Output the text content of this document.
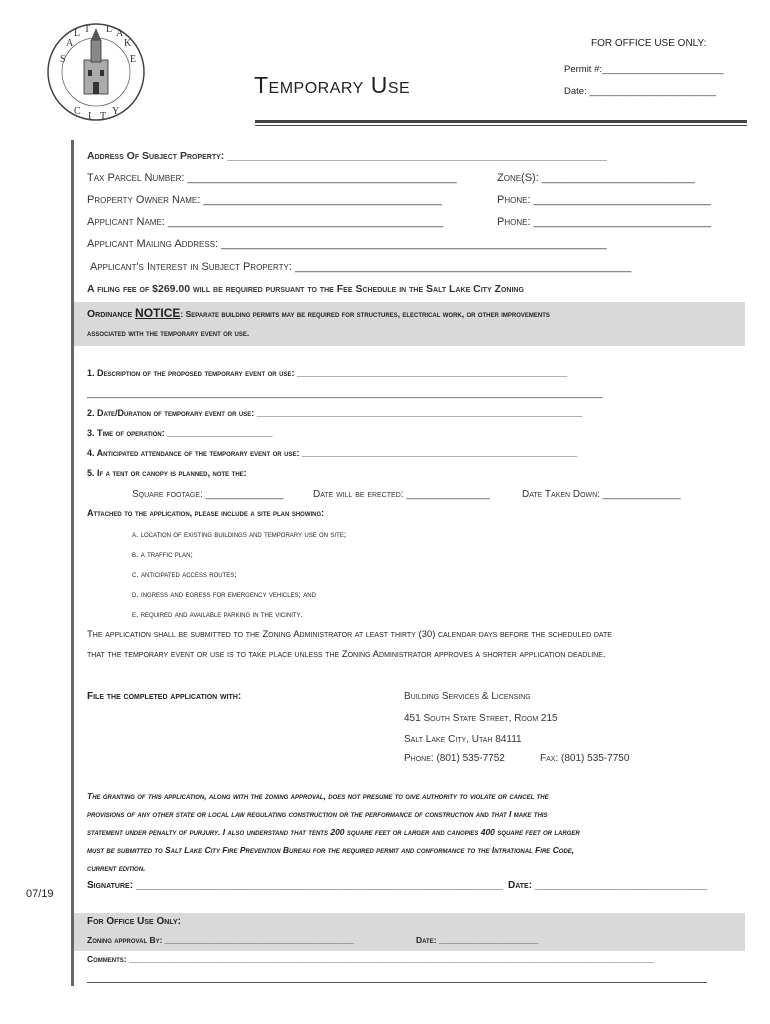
S
A
L T L A
K
E
C I T Y
Temporary Use
FOR OFFICE USE ONLY:
Permit #:_______________________
Date: ________________________
Address Of Subject Property: _________________________________________________________________
Tax Parcel Number: ____________________________________________	Zone(S): _________________________
Property Owner Name: _______________________________________	Phone: _____________________________
Applicant Name: _____________________________________________	Phone: _____________________________
Applicant Mailing Address: _______________________________________________________________
Applicant's Interest in Subject Property: _______________________________________________________
A filing fee of $269.00 will be required pursuant to the Fee Schedule in the Salt Lake City Zoning
Ordinance NOTICE: Separate building permits may be required for structures, electrical work, or other improvements
associated with the temporary event or use.
1. Description of the proposed temporary event or use: ______________________________________________________
_______________________________________________________________________________________________________
2. Date/Duration of temporary event or use: _________________________________________________________________
3. Time of operation: _____________________
4. Anticipated attendance of the temporary event or use: _______________________________________________________
5. If a tent or canopy is planned, note the:
Square footage: ______________	Date will be erected: _______________	Date Taken Down: ______________
Attached to the application, please include a site plan showing:
a. location of existing buildings and temporary use on site;
b. a traffic plan;
c. anticipated access routes;
d. ingress and egress for emergency vehicles; and
e. required and available parking in the vicinity.
The application shall be submitted to the Zoning Administrator at least thirty (30) calendar days before the scheduled date
that the temporary event or use is to take place unless the Zoning Administrator approves a shorter application deadline.
File the completed application with:	Building Services & Licensing
451 South State Street, Room 215
Salt Lake City, Utah 84111
Phone: (801) 535-7752	Fax: (801) 535-7750
The granting of this application, along with the zoning approval, does not presume to give authority to violate or cancel the
provisions of any other state or local law regulating construction or the performance of construction and that I make this
statement under penalty of purjury. I also understand that tents 200 square feet or larger and canopies 400 square feet or larger
must be submitted to Salt Lake City Fire Prevention Bureau for the required permit and conformance to the Intrational Fire Code,
current edition.
Signature: __________________________________________________________________ Date: _______________________________
07/19
For Office Use Only:
Zoning approval By: ________________________________________	Date: _____________________
Comments: _______________________________________________________________________________________________________________
